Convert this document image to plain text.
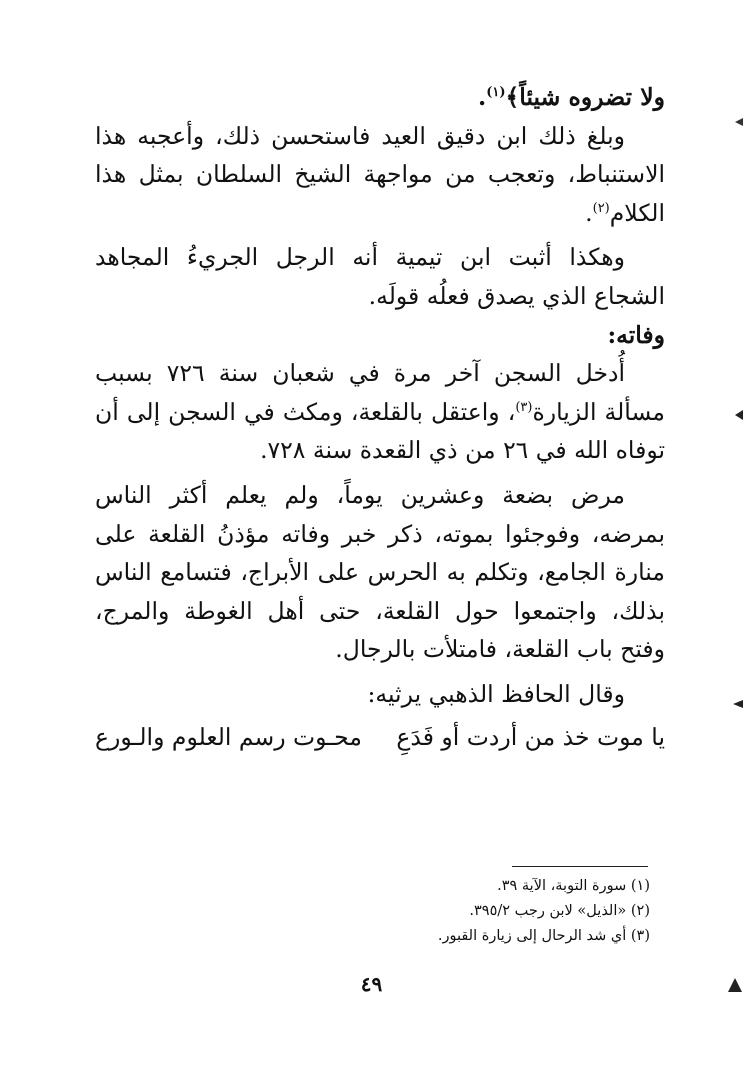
ولا تضروه شيئاً﴾$^{(١)}$.

وبلغ ذلك ابن دقيق العيد فاستحسن ذلك، وأعجبه هذا الاستنباط، وتعجب من مواجهة الشيخ السلطان بمثل هذا الكلام$^{(٢)}$.

وهكذا أثبت ابن تيمية أنه الرجل الجريءُ المجاهد الشجاع الذي يصدق فعلُه قولَه.

وفاته:

أُدخل السجن آخر مرة في شعبان سنة ٧٢٦ بسبب مسألة الزيارة$^{(٣)}$، واعتقل بالقلعة، ومكث في السجن إلى أن توفاه الله في ٢٦ من ذي القعدة سنة ٧٢٨.

مرض بضعة وعشرين يوماً، ولم يعلم أكثر الناس بمرضه، وفوجئوا بموته، ذكر خبر وفاته مؤذنُ القلعة على منارة الجامع، وتكلم به الحرس على الأبراج، فتسامع الناس بذلك، واجتمعوا حول القلعة، حتى أهل الغوطة والمرج، وفتح باب القلعة، فامتلأت بالرجال.

وقال الحافظ الذهبي يرثيه:

يا موت خذ من أردت أو فَدَعِ
محـوت رسم العلوم والـورع

(١) سورة التوبة، الآية ٣٩.

(٢) «الذيل» لابن رجب ٣٩٥/٢.

(٣) أي شد الرحال إلى زيارة القبور.

٤٩
